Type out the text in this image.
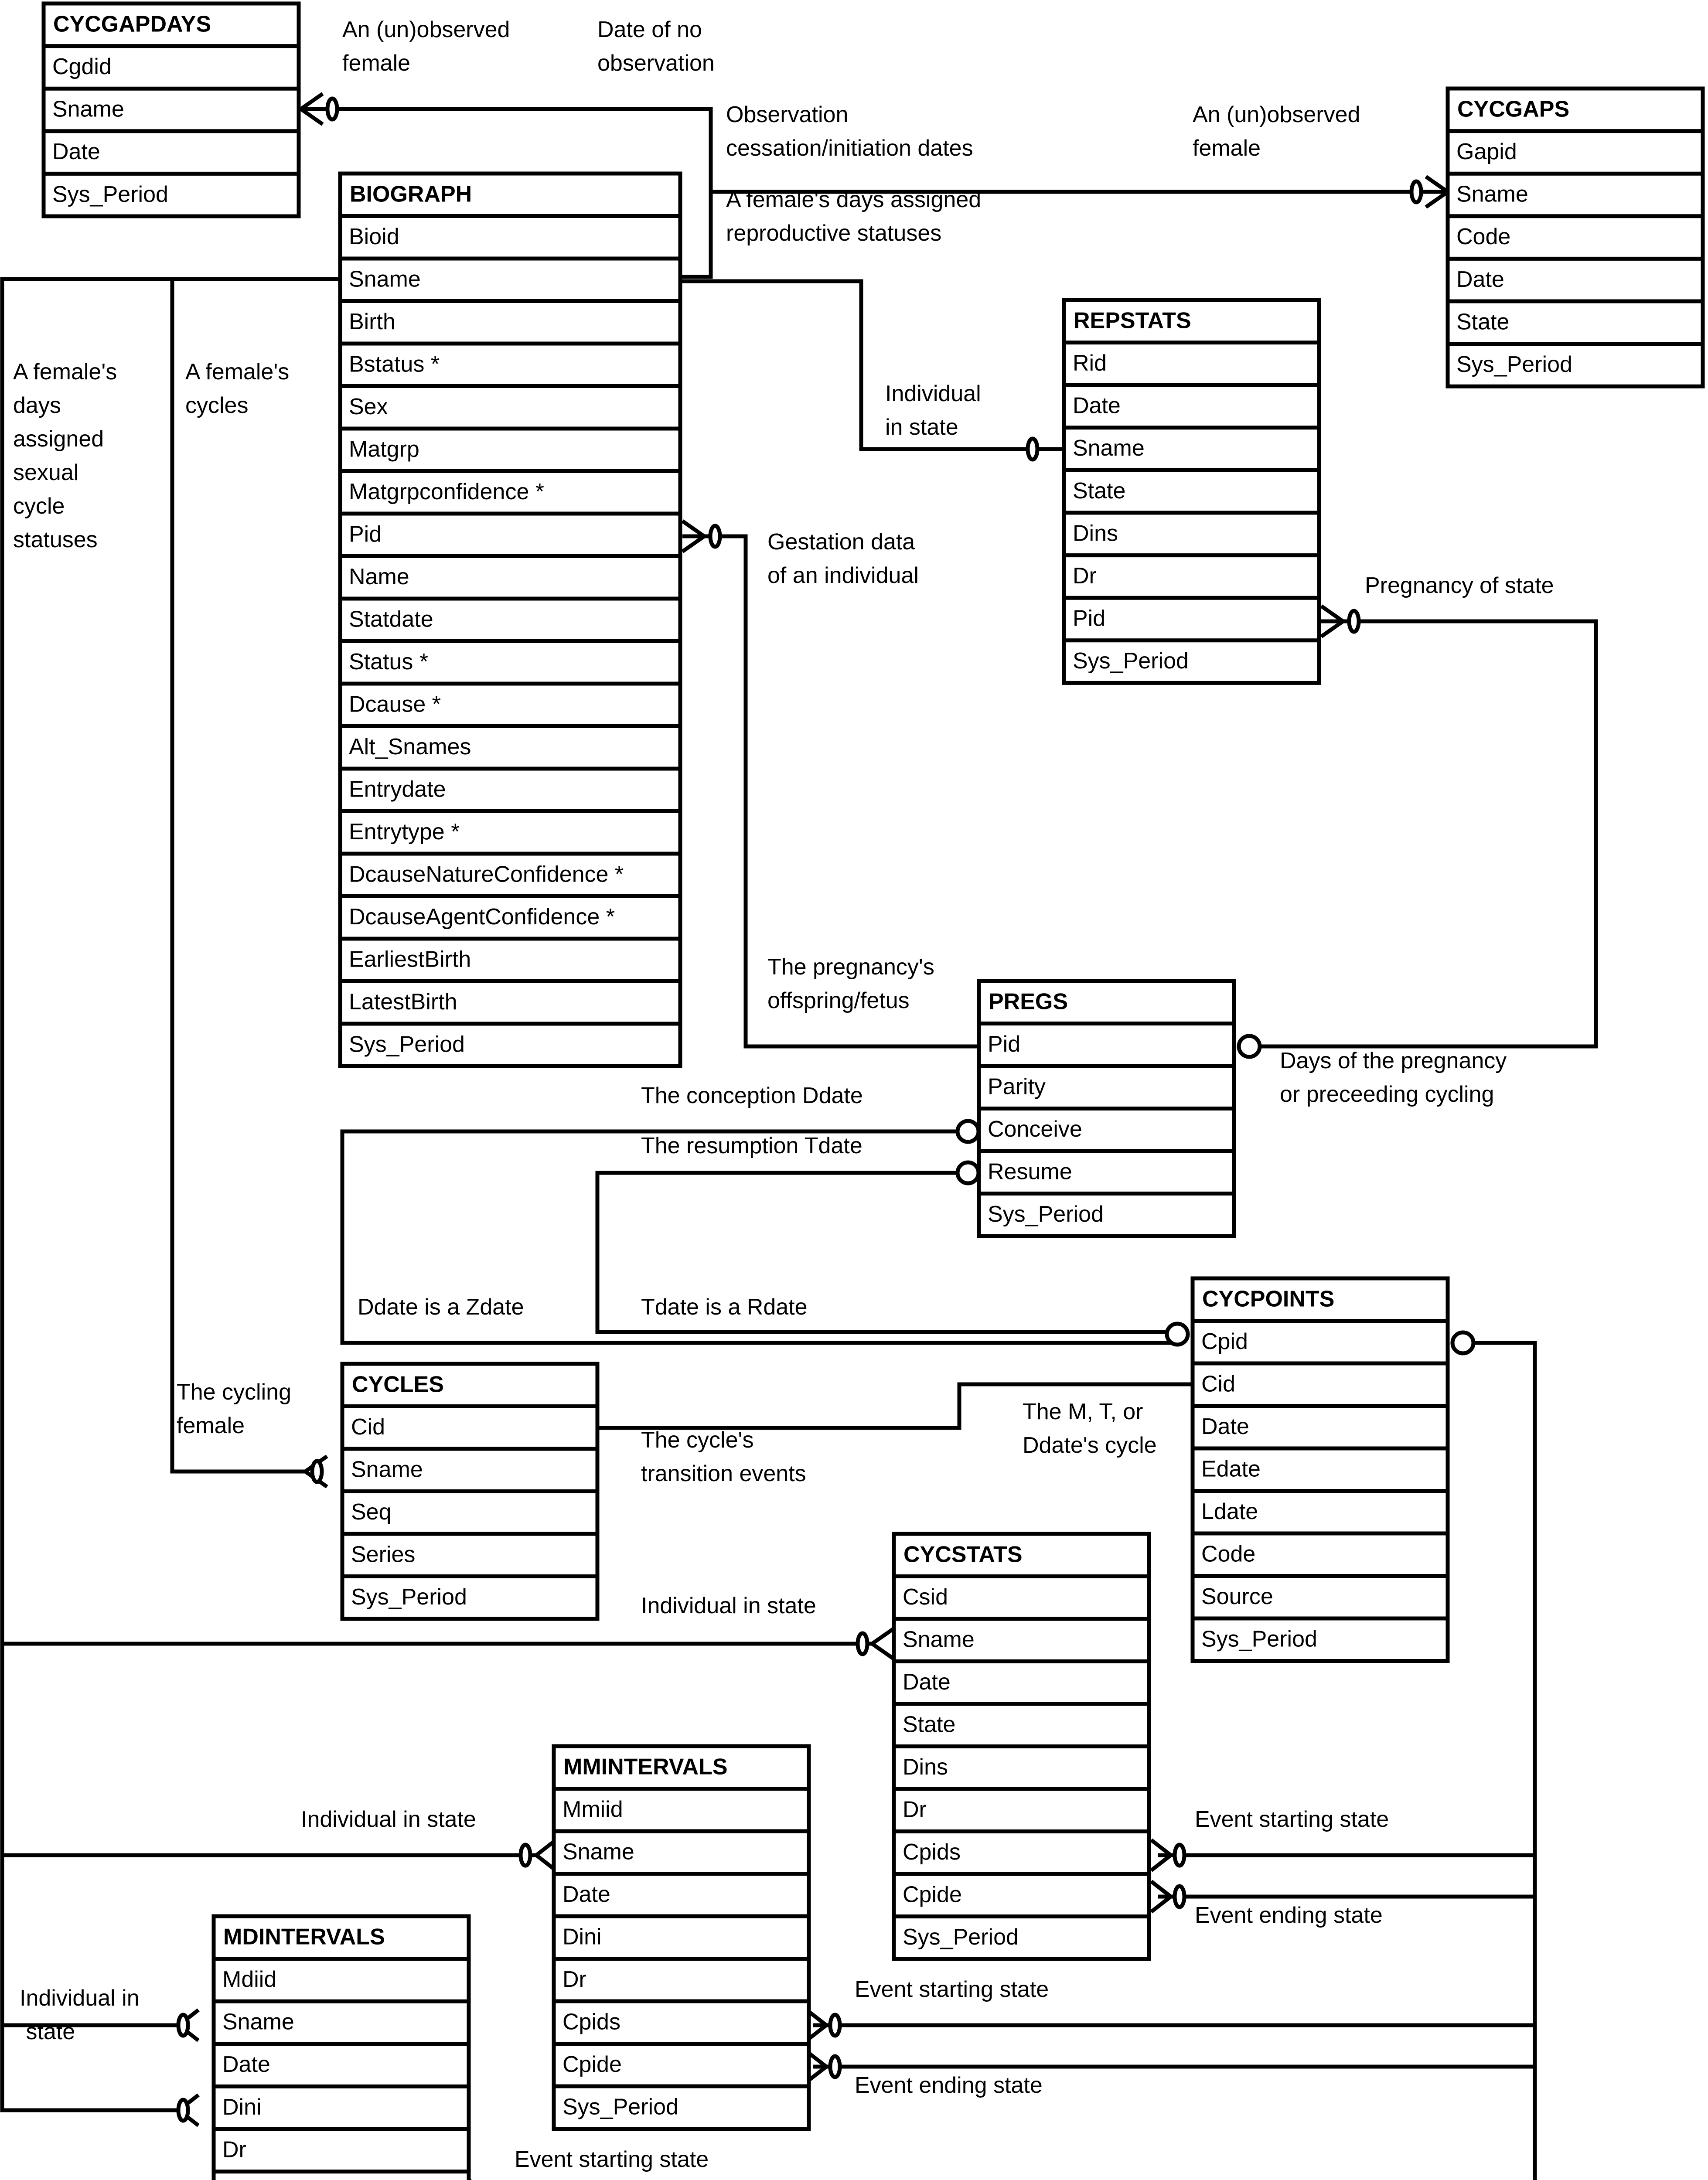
CYCGAPDAYS
Cgdid
Sname
Date
Sys_Period	BIOGRAPH
Bioid
Sname
Birth
Bstatus *
Sex
Matgrp
Matgrpconfidence *
Pid
Name
Statdate
Status *
Dcause *
Alt_Snames
Entrydate
Entrytype *
DcauseNatureConfidence *
DcauseAgentConfidence *
EarliestBirth
LatestBirth
Sys_Period
CYCGAPS
Gapid
Sname
Code
Date
State
Sys_Period
REPSTATS
Rid
Date
Sname
State
Dins
Dr
Pid
Sys_Period
PREGS
Pid
Parity
Conceive
Resume
Sys_Period
CYCPOINTS
Cpid
Cid
Date
Edate
Ldate
Code
Source
Sys_Period
CYCLES
Cid
Sname
Seq
Series
Sys_Period
CYCSTATS
Csid
Sname
Date
State
Dins
Dr
Cpids
Cpide
Sys_Period
MMINTERVALS
Mmiid
Sname
Date
Dini
Dr
Cpids
Cpide
Sys_Period
MDINTERVALS
Mdiid
Sname
Date
Dini
Dr
An (un)observed female
Date of no observation
Observation cessation/initiation dates
An (un)observed female
A female's days assigned reproductive statuses
A female's days assigned sexual cycle statuses
A female's cycles	Individual in state
Gestation data of an individual	Pregnancy of state
The pregnancy's offspring/fetus
Days of the pregnancy or preceeding cycling
The conception Ddate
The resumption Tdate
Ddate is a Zdate	Tdate is a Rdate
The cycling female
The cycle's transition events
The M, T, or Ddate's cycle
Individual in state
Individual in state
Individual in state
Event starting state
Event ending state
Event starting state
Event ending state
Event starting state
